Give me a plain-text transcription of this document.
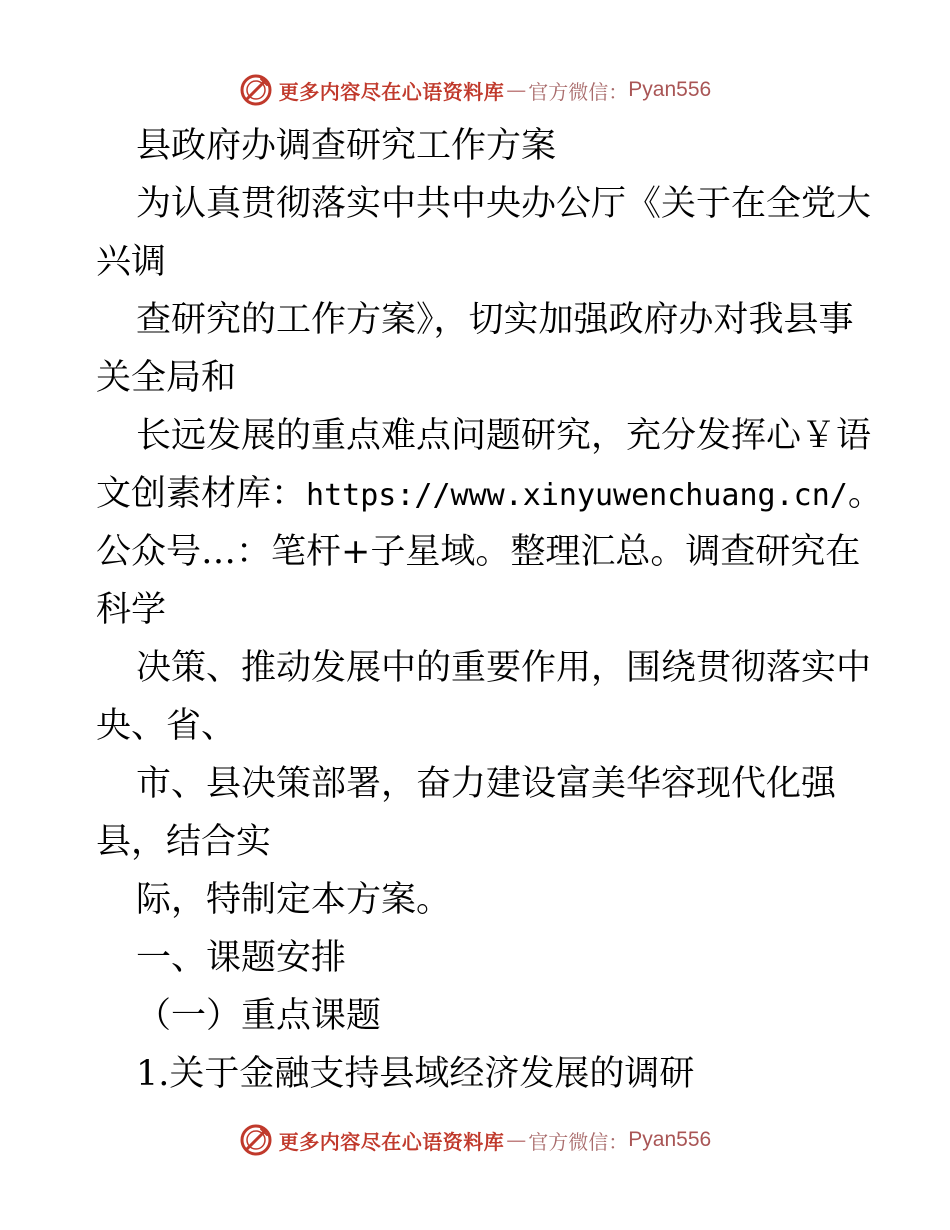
更多内容尽在心语资料库 — 官方微信： Pyan556
县政府办调查研究工作方案
为认真贯彻落实中共中央办公厅《关于在全党大
兴调
查研究的工作方案》，切实加强政府办对我县事
关全局和
长远发展的重点难点问题研究，充分发挥心￥语
文创素材库：https://www.xinyuwenchuang.cn/。
公众号…：笔杆+子星域。整理汇总。调查研究在
科学
决策、推动发展中的重要作用，围绕贯彻落实中
央、省、
市、县决策部署，奋力建设富美华容现代化强
县，结合实
际，特制定本方案。
一、课题安排
（一）重点课题
1.关于金融支持县域经济发展的调研
更多内容尽在心语资料库 — 官方微信： Pyan556
